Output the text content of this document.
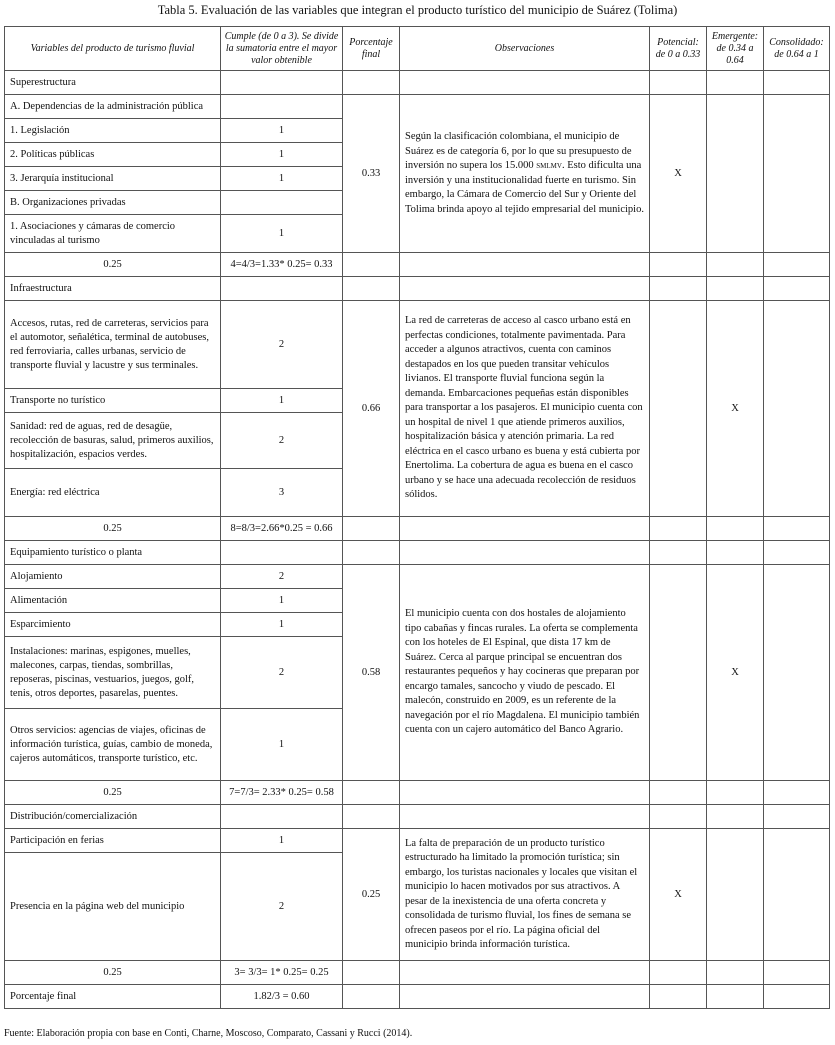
Tabla 5. Evaluación de las variables que integran el producto turístico del municipio de Suárez (Tolima)
Variables del producto de turismo fluvial	Cumple (de 0 a 3). Se divide la sumatoria entre el mayor valor obtenible	Porcentaje final	Observaciones	Potencial: de 0 a 0.33	Emergente: de 0.34 a 0.64	Consolidado: de 0.64 a 1
Superestructura						
A. Dependencias de la administración pública		0.33	Según la clasificación colombiana, el municipio de Suárez es de categoría 6, por lo que su presupuesto de inversión no supera los 15.000 smlmv. Esto dificulta una inversión y una institucionalidad fuerte en turismo. Sin embargo, la Cámara de Comercio del Sur y Oriente del Tolima brinda apoyo al tejido empresarial del municipio.	X		
1. Legislación	1					
2. Políticas públicas	1					
3. Jerarquía institucional	1					
B. Organizaciones privadas						
1. Asociaciones y cámaras de comercio vinculadas al turismo	1					
0.25	4=4/3=1.33* 0.25= 0.33					
Infraestructura						
Accesos, rutas, red de carreteras, servicios para el automotor, señalética, terminal de autobuses, red ferroviaria, calles urbanas, servicio de transporte fluvial y lacustre y sus terminales.	2	0.66	La red de carreteras de acceso al casco urbano está en perfectas condiciones, totalmente pavimentada. Para acceder a algunos atractivos, cuenta con caminos destapados en los que pueden transitar vehículos livianos. El transporte fluvial funciona según la demanda. Embarcaciones pequeñas están disponibles para transportar a los pasajeros. El municipio cuenta con un hospital de nivel 1 que atiende primeros auxilios, hospitalización básica y atención primaria. La red eléctrica en el casco urbano es buena y está cubierta por Enertolima. La cobertura de agua es buena en el casco urbano y se hace una adecuada recolección de residuos sólidos.		X	
Transporte no turístico	1					
Sanidad: red de aguas, red de desagüe, recolección de basuras, salud, primeros auxilios, hospitalización, espacios verdes.	2					
Energía: red eléctrica	3					
0.25	8=8/3=2.66*0.25 = 0.66					
Equipamiento turístico o planta						
Alojamiento	2	0.58	El municipio cuenta con dos hostales de alojamiento tipo cabañas y fincas rurales. La oferta se complementa con los hoteles de El Espinal, que dista 17 km de Suárez. Cerca al parque principal se encuentran dos restaurantes pequeños y hay cocineras que preparan por encargo tamales, sancocho y viudo de pescado. El malecón, construido en 2009, es un referente de la navegación por el río Magdalena. El municipio también cuenta con un cajero automático del Banco Agrario.		X	
Alimentación	1					
Esparcimiento	1					
Instalaciones: marinas, espigones, muelles, malecones, carpas, tiendas, sombrillas, reposeras, piscinas, vestuarios, juegos, golf, tenis, otros deportes, pasarelas, puentes.	2					
Otros servicios: agencias de viajes, oficinas de información turística, guías, cambio de moneda, cajeros automáticos, transporte turístico, etc.	1					
0.25	7=7/3= 2.33* 0.25= 0.58					
Distribución/comercialización						
Participación en ferias	1	0.25	La falta de preparación de un producto turístico estructurado ha limitado la promoción turística; sin embargo, los turistas nacionales y locales que visitan el municipio lo hacen motivados por sus atractivos. A pesar de la inexistencia de una oferta concreta y consolidada de turismo fluvial, los fines de semana se ofrecen paseos por el río. La página oficial del municipio brinda información turística.	X		
Presencia en la página web del municipio	2					
0.25	3= 3/3= 1* 0.25= 0.25					
Porcentaje final	1.82/3 = 0.60					
Fuente: Elaboración propia con base en Conti, Charne, Moscoso, Comparato, Cassani y Rucci (2014).
